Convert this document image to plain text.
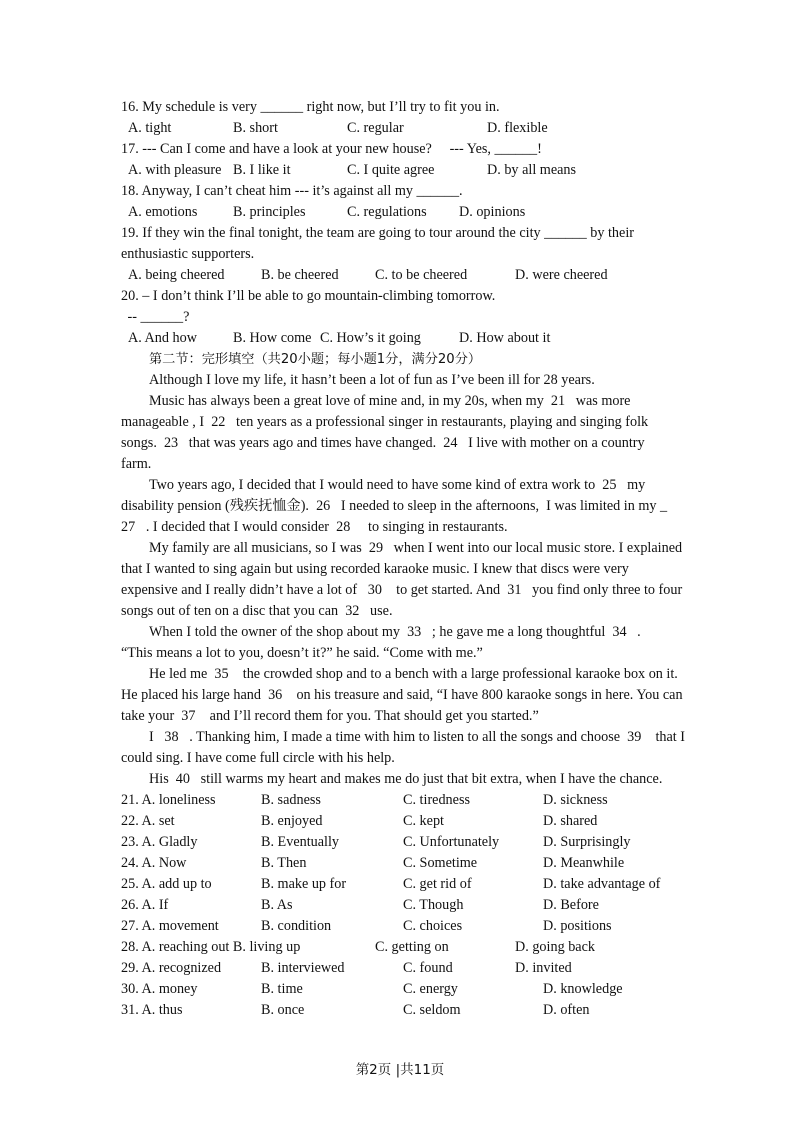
16. My schedule is very ______ right now, but I’ll try to fit you in.
A. tight	B. short	C. regular	D. flexible
17. --- Can I come and have a look at your new house?     --- Yes, ______!
A. with pleasure B. I like it	C. I quite agree	D. by all means
18. Anyway, I can’t cheat him --- it’s against all my ______.
A. emotions	B. principles	C. regulations D. opinions
19. If they win the final tonight, the team are going to tour around the city ______ by their
enthusiastic supporters.
A. being cheered	B. be cheered	C. to be cheered	D. were cheered
20. – I don’t think I’ll be able to go mountain-climbing tomorrow.
-- ______?
A. And how	B. How come C. How’s it going	D. How about it
第二节：完形填空（共20小题；每小题1分，满分20分）
Although I love my life, it hasn’t been a lot of fun as I’ve been ill for 28 years.
Music has always been a great love of mine and, in my 20s, when my  21   was more
manageable , I  22   ten years as a professional singer in restaurants, playing and singing folk
songs.  23   that was years ago and times have changed.  24   I live with mother on a country
farm.
Two years ago, I decided that I would need to have some kind of extra work to  25   my
disability pension (残疾抚恤金).  26   I needed to sleep in the afternoons,  I was limited in my _
27   . I decided that I would consider  28     to singing in restaurants.
My family are all musicians, so I was  29   when I went into our local music store. I explained
that I wanted to sing again but using recorded karaoke music. I knew that discs were very
expensive and I really didn’t have a lot of   30    to get started. And  31   you find only three to four
songs out of ten on a disc that you can  32   use.
When I told the owner of the shop about my  33   ; he gave me a long thoughtful  34   .
“This means a lot to you, doesn’t it?” he said. “Come with me.”
He led me  35    the crowded shop and to a bench with a large professional karaoke box on it.
He placed his large hand  36    on his treasure and said, “I have 800 karaoke songs in here. You can
take your  37    and I’ll record them for you. That should get you started.”
I   38   . Thanking him, I made a time with him to listen to all the songs and choose  39    that I
could sing. I have come full circle with his help.
His  40   still warms my heart and makes me do just that bit extra, when I have the chance.
21. A. loneliness	B. sadness	C. tiredness	D. sickness
22. A. set	B. enjoyed	C. kept	D. shared
23. A. Gladly	B. Eventually	C. Unfortunately	D. Surprisingly
24. A. Now	B. Then	C. Sometime	D. Meanwhile
25. A. add up to	B. make up for	C. get rid of	D. take advantage of
26. A. If	B. As	C. Though	D. Before
27. A. movement	B. condition	C. choices	D. positions
28. A. reaching out B. living up	C. getting on	D. going back
29. A. recognized	B. interviewed	C. found	D. invited
30. A. money	B. time	C. energy	D. knowledge
31. A. thus	B. once	C. seldom	D. often
第2页 |共11页
